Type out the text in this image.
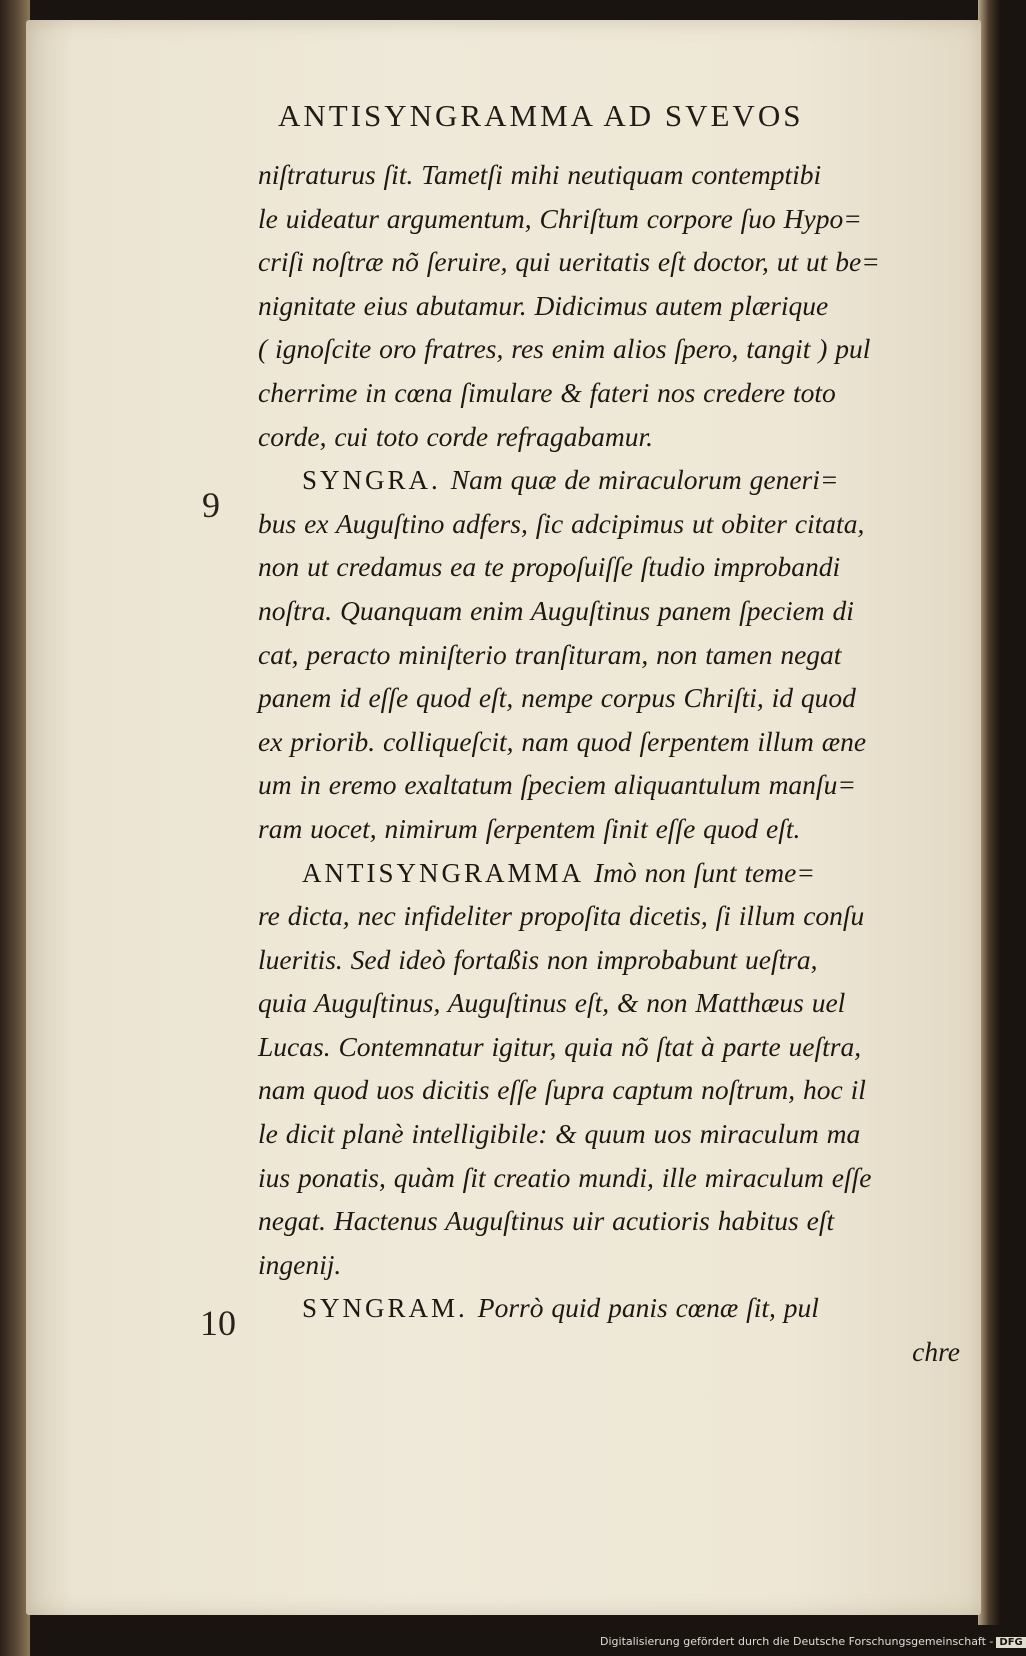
ANTISYNGRAMMA AD SVEVOS
9
10
niſtraturus ſit. Tametſi mihi neutiquam contemptibi
le uideatur argumentum, Chriſtum corpore ſuo Hypo=
criſi noſtræ nõ ſeruire, qui ueritatis eſt doctor, ut ut be=
nignitate eius abutamur. Didicimus autem plærique
( ignoſcite oro fratres, res enim alios ſpero, tangit ) pul
cherrime in cœna ſimulare & fateri nos credere toto
corde, cui toto corde refragabamur.
SYNGRA. Nam quæ de miraculorum generi=
bus ex Auguſtino adfers, ſic adcipimus ut obiter citata,
non ut credamus ea te propoſuiſſe ſtudio improbandi
noſtra. Quanquam enim Auguſtinus panem ſpeciem di
cat, peracto miniſterio tranſituram, non tamen negat
panem id eſſe quod eſt, nempe corpus Chriſti, id quod
ex priorib. colliqueſcit, nam quod ſerpentem illum æne
um in eremo exaltatum ſpeciem aliquantulum manſu=
ram uocet, nimirum ſerpentem ſinit eſſe quod eſt.
ANTISYNGRAMMA Imò non ſunt teme=
re dicta, nec infideliter propoſita dicetis, ſi illum conſu
lueritis. Sed ideò fortaßis non improbabunt ueſtra,
quia Auguſtinus, Auguſtinus eſt, & non Matthæus uel
Lucas. Contemnatur igitur, quia nõ ſtat à parte ueſtra,
nam quod uos dicitis eſſe ſupra captum noſtrum, hoc il
le dicit planè intelligibile: & quum uos miraculum ma
ius ponatis, quàm ſit creatio mundi, ille miraculum eſſe
negat. Hactenus Auguſtinus uir acutioris habitus eſt
ingenij.
SYNGRAM. Porrò quid panis cœnæ ſit, pul
chre
Digitalisierung gefördert durch die Deutsche Forschungsgemeinschaft - DFG
